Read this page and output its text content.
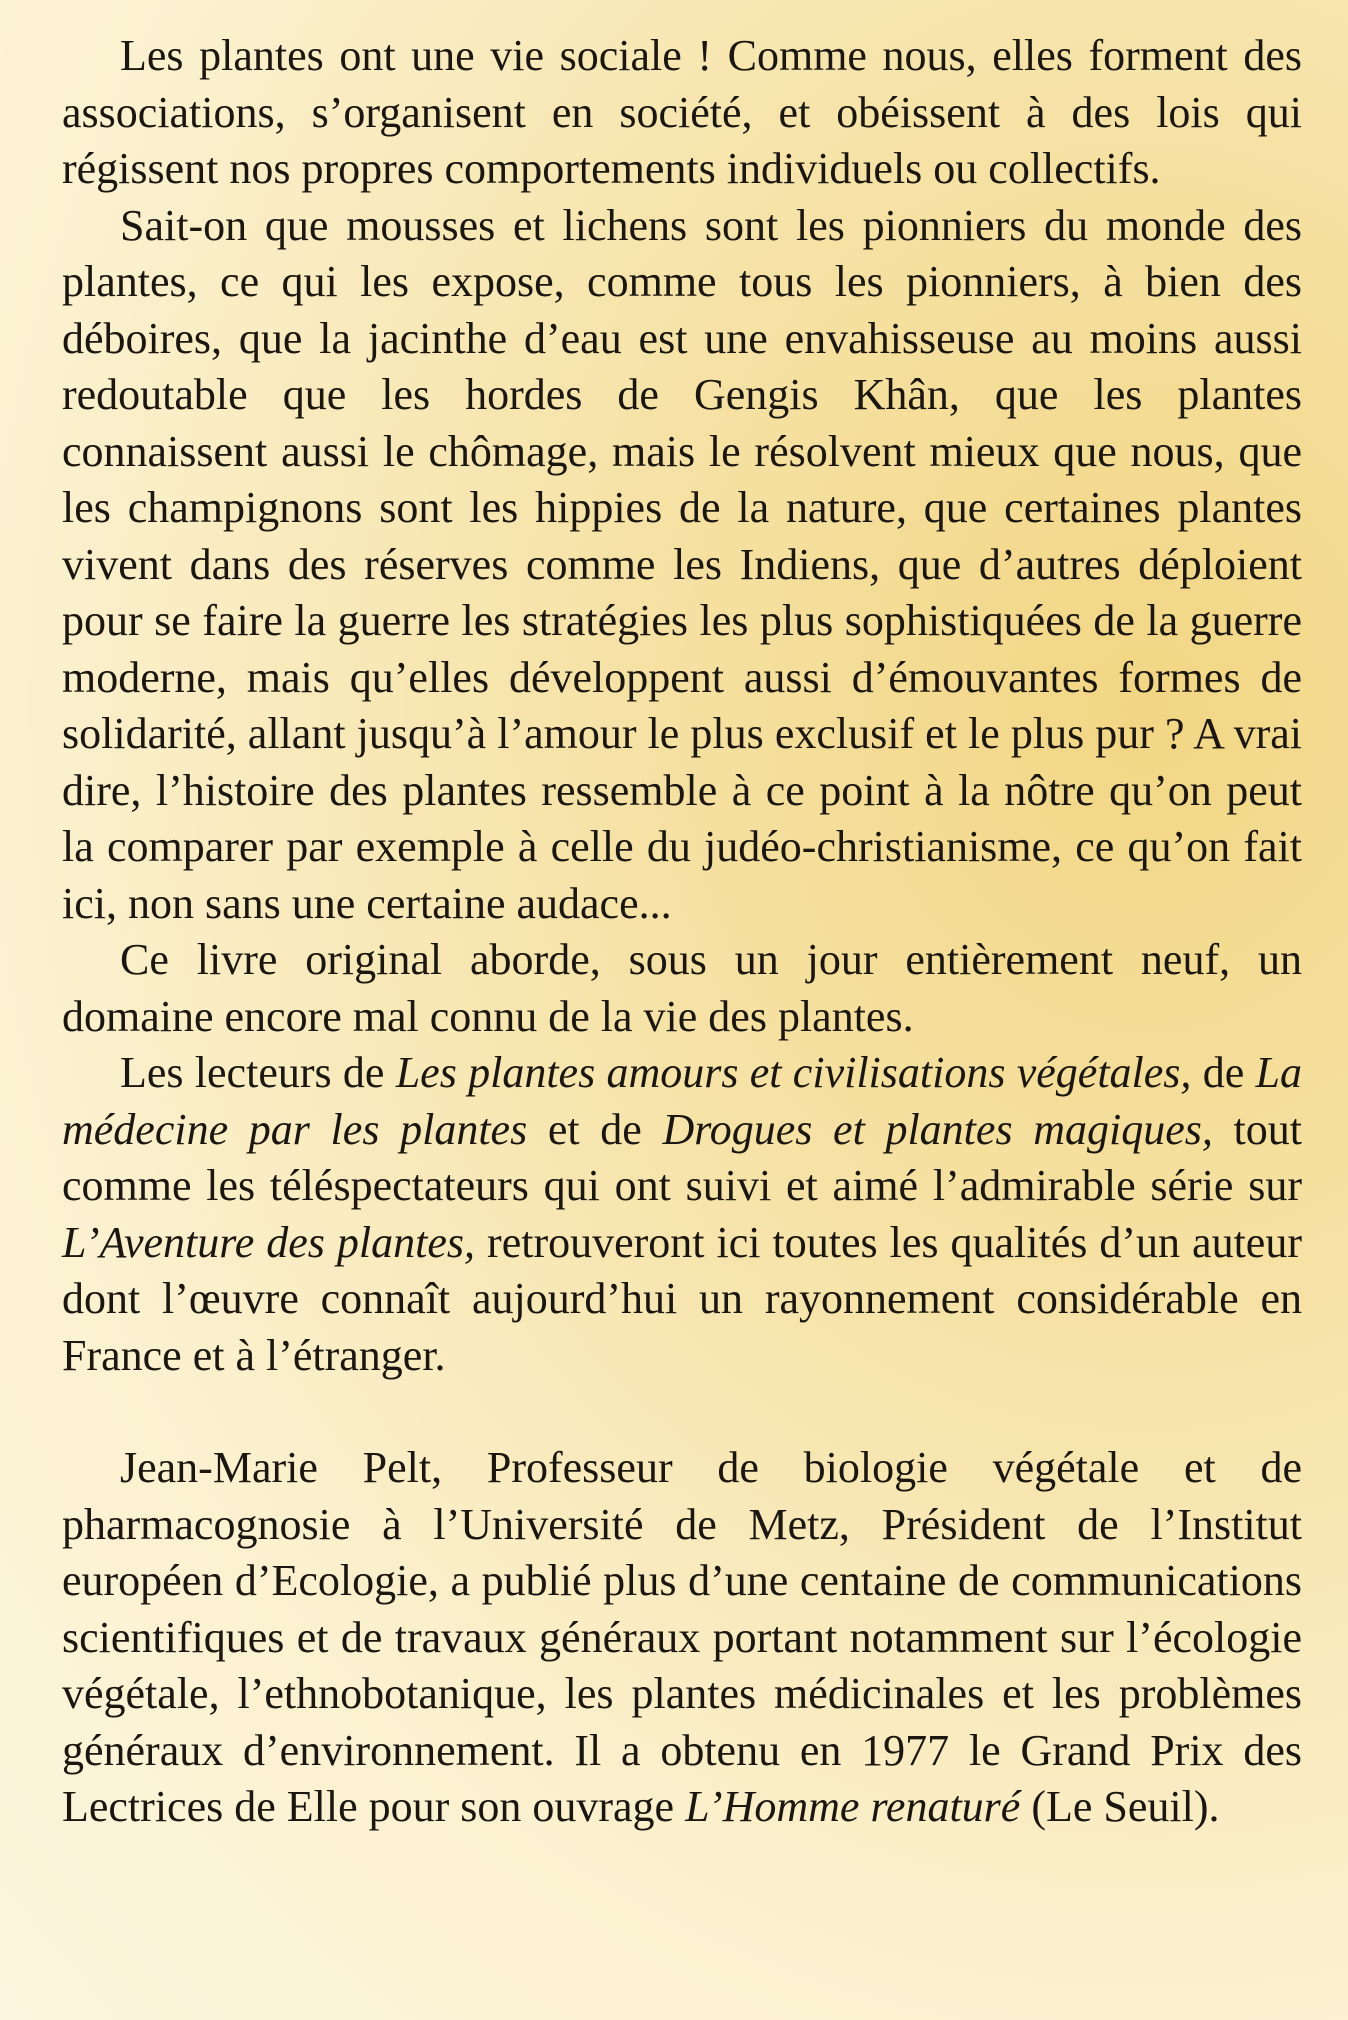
Les plantes ont une vie sociale ! Comme nous, elles forment des associations, s’organisent en société, et obéissent à des lois qui régissent nos propres comportements individuels ou collectifs.

Sait-on que mousses et lichens sont les pionniers du monde des plantes, ce qui les expose, comme tous les pionniers, à bien des déboires, que la jacinthe d’eau est une envahisseuse au moins aussi redoutable que les hordes de Gengis Khân, que les plantes connaissent aussi le chômage, mais le résolvent mieux que nous, que les champignons sont les hippies de la nature, que certaines plantes vivent dans des réserves comme les Indiens, que d’autres déploient pour se faire la guerre les stratégies les plus sophistiquées de la guerre moderne, mais qu’elles développent aussi d’émouvantes formes de solidarité, allant jusqu’à l’amour le plus exclusif et le plus pur ? A vrai dire, l’histoire des plantes ressemble à ce point à la nôtre qu’on peut la comparer par exemple à celle du judéo-christianisme, ce qu’on fait ici, non sans une certaine audace...

Ce livre original aborde, sous un jour entièrement neuf, un domaine encore mal connu de la vie des plantes.

Les lecteurs de Les plantes amours et civilisations végétales, de La médecine par les plantes et de Drogues et plantes magiques, tout comme les téléspectateurs qui ont suivi et aimé l’admirable série sur L’Aventure des plantes, retrouveront ici toutes les qualités d’un auteur dont l’œuvre connaît aujourd’hui un rayonnement considérable en France et à l’étranger.

Jean-Marie Pelt, Professeur de biologie végétale et de pharmacognosie à l’Université de Metz, Président de l’Institut européen d’Ecologie, a publié plus d’une centaine de communications scientifiques et de travaux généraux portant notamment sur l’écologie végétale, l’ethnobotanique, les plantes médicinales et les problèmes généraux d’environnement. Il a obtenu en 1977 le Grand Prix des Lectrices de Elle pour son ouvrage L’Homme renaturé (Le Seuil).
